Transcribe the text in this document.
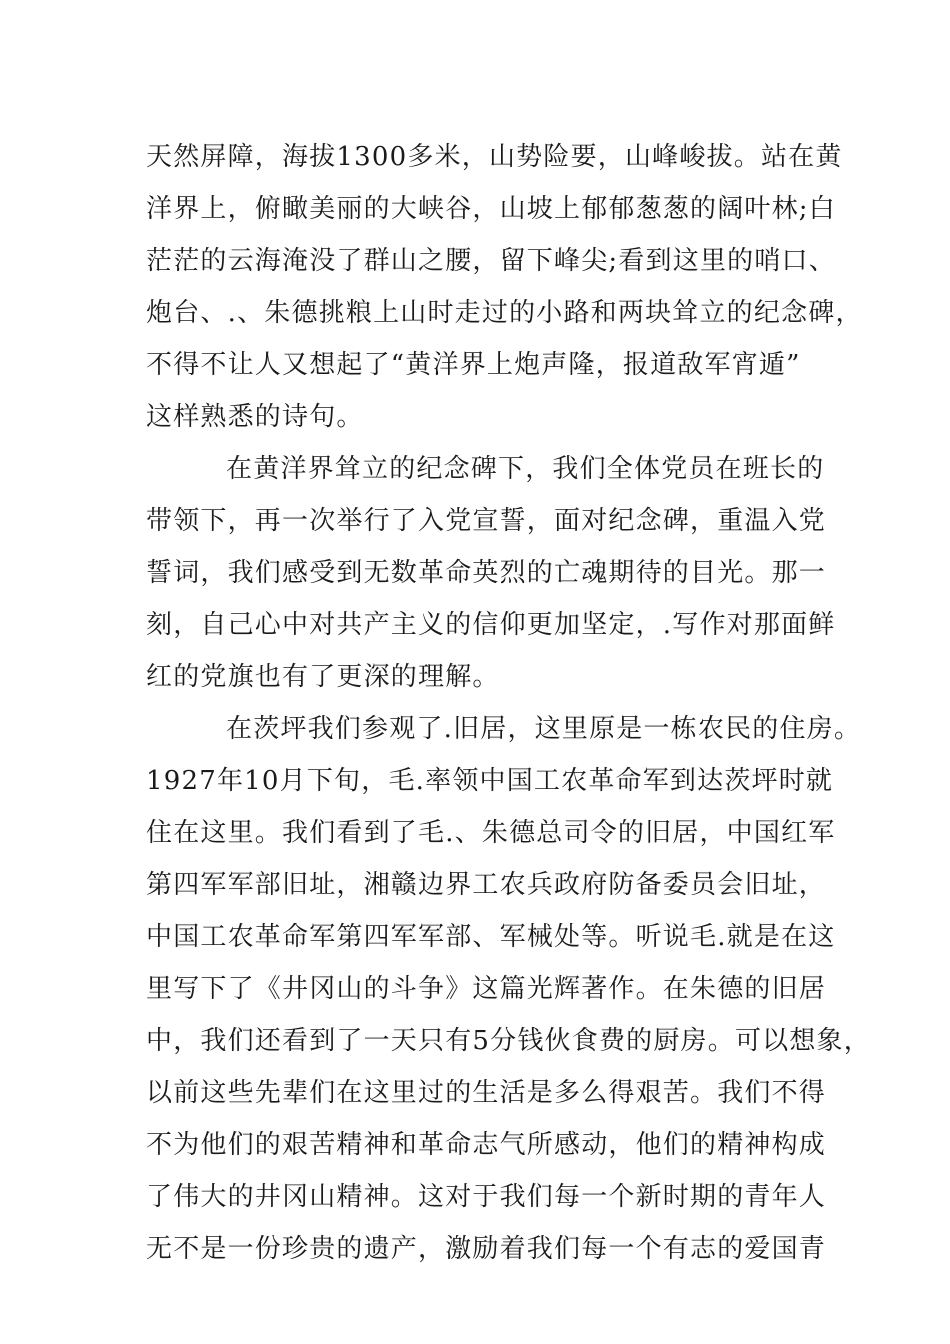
天然屏障，海拔1300多米，山势险要，山峰峻拔。站在黄
洋界上，俯瞰美丽的大峡谷，山坡上郁郁葱葱的阔叶林;白
茫茫的云海淹没了群山之腰，留下峰尖;看到这里的哨口、
炮台、.、朱德挑粮上山时走过的小路和两块耸立的纪念碑，
不得不让人又想起了“黄洋界上炮声隆，报道敌军宵遁”
这样熟悉的诗句。
在黄洋界耸立的纪念碑下，我们全体党员在班长的
带领下，再一次举行了入党宣誓，面对纪念碑，重温入党
誓词，我们感受到无数革命英烈的亡魂期待的目光。那一
刻，自己心中对共产主义的信仰更加坚定，.写作对那面鲜
红的党旗也有了更深的理解。
在茨坪我们参观了.旧居，这里原是一栋农民的住房。
1927年10月下旬，毛.率领中国工农革命军到达茨坪时就
住在这里。我们看到了毛.、朱德总司令的旧居，中国红军
第四军军部旧址，湘赣边界工农兵政府防备委员会旧址，
中国工农革命军第四军军部、军械处等。听说毛.就是在这
里写下了《井冈山的斗争》这篇光辉著作。在朱德的旧居
中，我们还看到了一天只有5分钱伙食费的厨房。可以想象，
以前这些先辈们在这里过的生活是多么得艰苦。我们不得
不为他们的艰苦精神和革命志气所感动，他们的精神构成
了伟大的井冈山精神。这对于我们每一个新时期的青年人
无不是一份珍贵的遗产，激励着我们每一个有志的爱国青
